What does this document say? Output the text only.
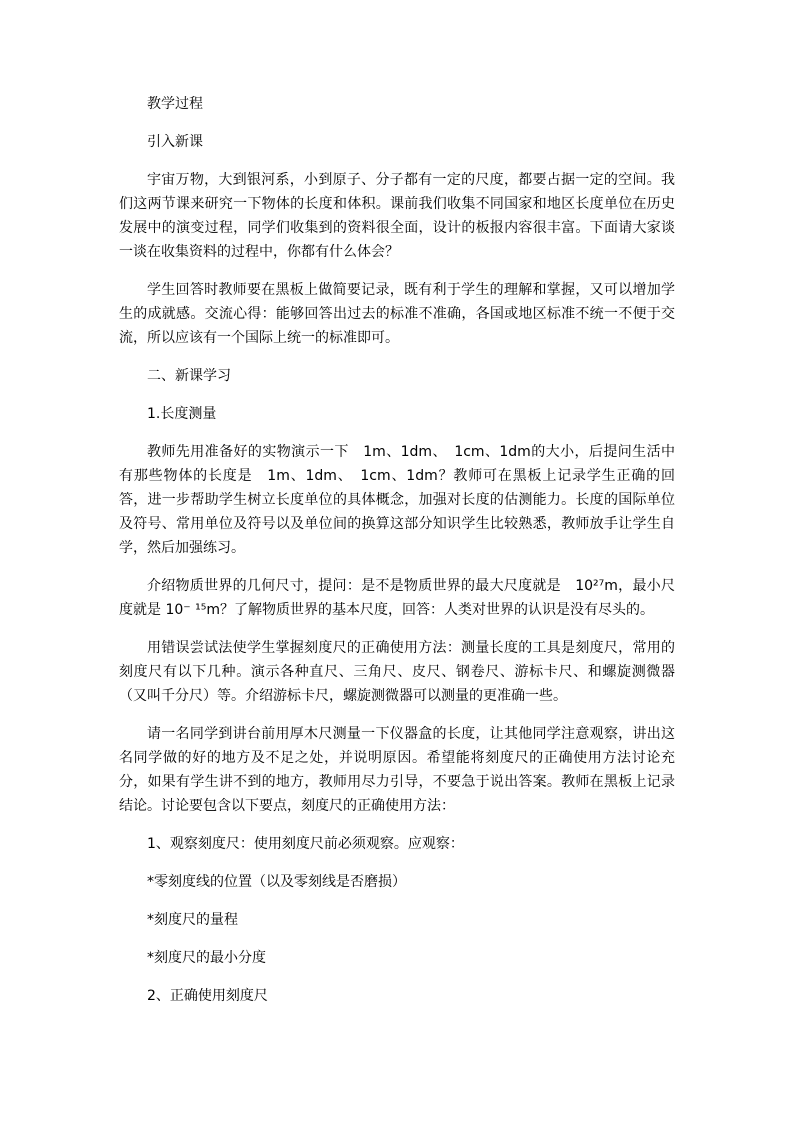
教学过程

引入新课

宇宙万物，大到银河系，小到原子、分子都有一定的尺度，都要占据一定的空间。我们这两节课来研究一下物体的长度和体积。课前我们收集不同国家和地区长度单位在历史发展中的演变过程，同学们收集到的资料很全面，设计的板报内容很丰富。下面请大家谈一谈在收集资料的过程中，你都有什么体会？

学生回答时教师要在黑板上做简要记录，既有利于学生的理解和掌握，又可以增加学生的成就感。交流心得：能够回答出过去的标准不准确，各国或地区标准不统一不便于交流，所以应该有一个国际上统一的标准即可。

二、新课学习

1.长度测量

教师先用准备好的实物演示一下　1m、1dm、　1cm、1dm的大小，后提问生活中有那些物体的长度是　1m、1dm、　1cm、1dm？教师可在黑板上记录学生正确的回答，进一步帮助学生树立长度单位的具体概念，加强对长度的估测能力。长度的国际单位及符号、常用单位及符号以及单位间的换算这部分知识学生比较熟悉，教师放手让学生自学，然后加强练习。

介绍物质世界的几何尺寸，提问：是不是物质世界的最大尺度就是　10²⁷m，最小尺度就是 10⁻ ¹⁵m？了解物质世界的基本尺度，回答：人类对世界的认识是没有尽头的。

用错误尝试法使学生掌握刻度尺的正确使用方法：测量长度的工具是刻度尺，常用的刻度尺有以下几种。演示各种直尺、三角尺、皮尺、钢卷尺、游标卡尺、和螺旋测微器（又叫千分尺）等。介绍游标卡尺，螺旋测微器可以测量的更准确一些。

请一名同学到讲台前用厚木尺测量一下仪器盒的长度，让其他同学注意观察，讲出这名同学做的好的地方及不足之处，并说明原因。希望能将刻度尺的正确使用方法讨论充分，如果有学生讲不到的地方，教师用尽力引导，不要急于说出答案。教师在黑板上记录结论。讨论要包含以下要点，刻度尺的正确使用方法：

1、观察刻度尺：使用刻度尺前必须观察。应观察：

*零刻度线的位置（以及零刻线是否磨损）

*刻度尺的量程

*刻度尺的最小分度

2、正确使用刻度尺
